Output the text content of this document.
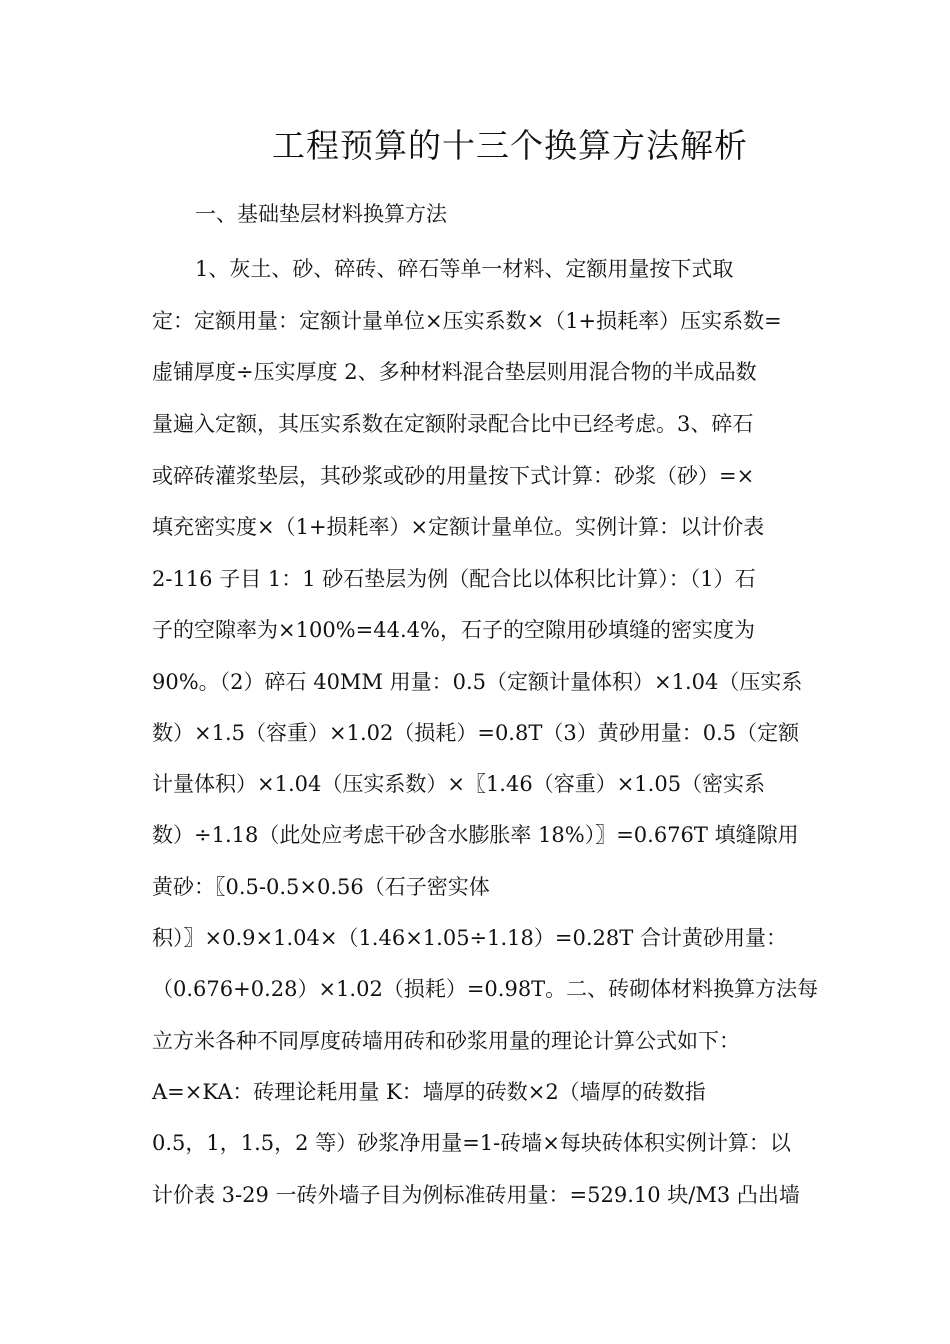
工程预算的十三个换算方法解析

一、基础垫层材料换算方法

1、灰土、砂、碎砖、碎石等单一材料、定额用量按下式取

定：定额用量：定额计量单位×压实系数×（1+损耗率）压实系数=

虚铺厚度÷压实厚度 2、多种材料混合垫层则用混合物的半成品数

量遍入定额，其压实系数在定额附录配合比中已经考虑。3、碎石

或碎砖灌浆垫层，其砂浆或砂的用量按下式计算：砂浆（砂）=×

填充密实度×（1+损耗率）×定额计量单位。实例计算：以计价表

2-116 子目 1：1 砂石垫层为例（配合比以体积比计算）：（1）石

子的空隙率为×100%=44.4%，石子的空隙用砂填缝的密实度为

90%。（2）碎石 40MM 用量：0.5（定额计量体积）×1.04（压实系

数）×1.5（容重）×1.02（损耗）=0.8T（3）黄砂用量：0.5（定额

计量体积）×1.04（压实系数）×〖1.46（容重）×1.05（密实系

数）÷1.18（此处应考虑干砂含水膨胀率 18%）〗=0.676T 填缝隙用

黄砂：〖0.5-0.5×0.56（石子密实体

积）〗×0.9×1.04×（1.46×1.05÷1.18）=0.28T 合计黄砂用量：

（0.676+0.28）×1.02（损耗）=0.98T。二、砖砌体材料换算方法每

立方米各种不同厚度砖墙用砖和砂浆用量的理论计算公式如下：

A=×KA：砖理论耗用量 K：墙厚的砖数×2（墙厚的砖数指

0.5，1，1.5，2 等）砂浆净用量=1-砖墙×每块砖体积实例计算：以

计价表 3-29 一砖外墙子目为例标准砖用量：=529.10 块/M3 凸出墙
